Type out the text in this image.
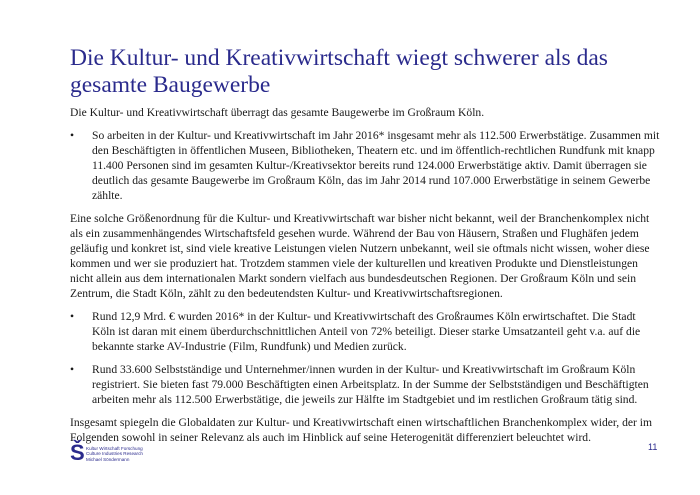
Die Kultur- und Kreativwirtschaft wiegt schwerer als das gesamte Baugewerbe

Die Kultur- und Kreativwirtschaft überragt das gesamte Baugewerbe im Großraum Köln.

• So arbeiten in der Kultur- und Kreativwirtschaft im Jahr 2016* insgesamt mehr als 112.500 Erwerbstätige. Zusammen mit den Beschäftigten in öffentlichen Museen, Bibliotheken, Theatern etc. und im öffentlich-rechtlichen Rundfunk mit knapp 11.400 Personen sind im gesamten Kultur-/Kreativsektor bereits rund 124.000 Erwerbstätige aktiv. Damit überragen sie deutlich das gesamte Baugewerbe im Großraum Köln, das im Jahr 2014 rund 107.000 Erwerbstätige in seinem Gewerbe zählte.

Eine solche Größenordnung für die Kultur- und Kreativwirtschaft war bisher nicht bekannt, weil der Branchenkomplex nicht als ein zusammenhängendes Wirtschaftsfeld gesehen wurde. Während der Bau von Häusern, Straßen und Flughäfen jedem geläufig und konkret ist, sind viele kreative Leistungen vielen Nutzern unbekannt, weil sie oftmals nicht wissen, woher diese kommen und wer sie produziert hat. Trotzdem stammen viele der kulturellen und kreativen Produkte und Dienstleistungen nicht allein aus dem internationalen Markt sondern vielfach aus bundesdeutschen Regionen. Der Großraum Köln und sein Zentrum, die Stadt Köln, zählt zu den bedeutendsten Kultur- und Kreativwirtschaftsregionen.

• Rund 12,9 Mrd. € wurden 2016* in der Kultur- und Kreativwirtschaft des Großraumes Köln erwirtschaftet. Die Stadt Köln ist daran mit einem überdurchschnittlichen Anteil von 72% beteiligt. Dieser starke Umsatzanteil geht v.a. auf die bekannte starke AV-Industrie (Film, Rundfunk) und Medien zurück.
• Rund 33.600 Selbstständige und Unternehmer/innen wurden in der Kultur- und Kreativwirtschaft im Großraum Köln registriert. Sie bieten fast 79.000 Beschäftigten einen Arbeitsplatz. In der Summe der Selbstständigen und Beschäftigten arbeiten mehr als 112.500 Erwerbstätige, die jeweils zur Hälfte im Stadtgebiet und im restlichen Großraum tätig sind.

Insgesamt spiegeln die Globaldaten zur Kultur- und Kreativwirtschaft einen wirtschaftlichen Branchenkomplex wider, der im Folgenden sowohl in seiner Relevanz als auch im Hinblick auf seine Heterogenität differenziert beleuchtet wird.

Š Kultur Wirtschaft Forschung
Culture Industries Research
Michael Söndermann
11
